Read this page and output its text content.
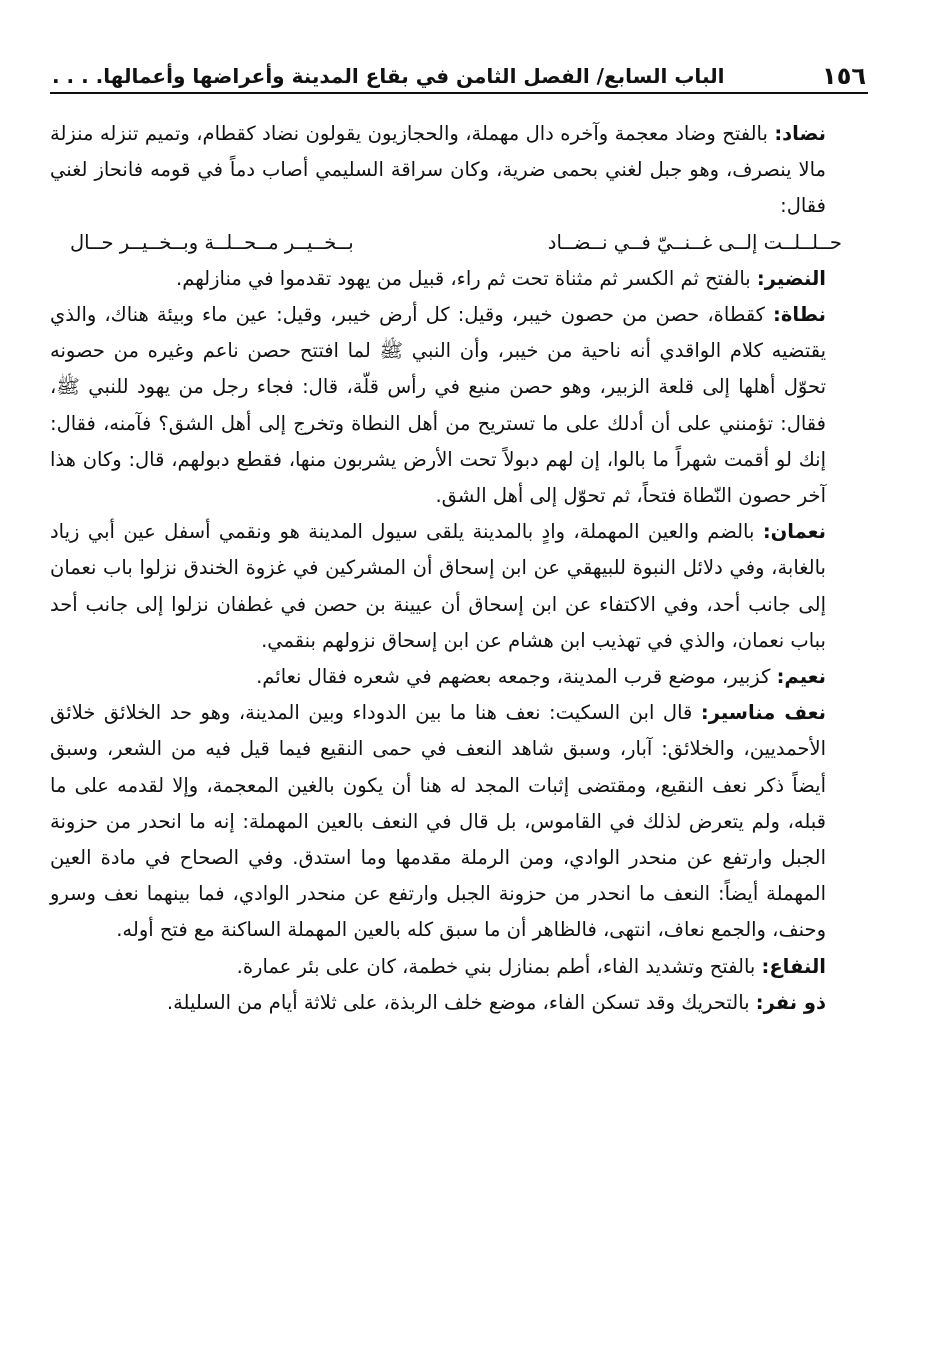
١٥٦
الباب السابع/ الفصل الثامن في بقاع المدينة وأعراضها وأعمالها. . . .

نضاد: بالفتح وضاد معجمة وآخره دال مهملة، والحجازيون يقولون نضاد كقطام، وتميم تنزله منزلة مالا ينصرف، وهو جبل لغني بحمى ضرية، وكان سراقة السليمي أصاب دماً في قومه فانحاز لغني فقال:

حــلــلــت إلــى غــنــيّ فــي نــضــاد
بــخــيــر مــحــلــة وبــخــيــر حــال

النضير: بالفتح ثم الكسر ثم مثناة تحت ثم راء، قبيل من يهود تقدموا في منازلهم.

نطاة: كقطاة، حصن من حصون خيبر، وقيل: كل أرض خيبر، وقيل: عين ماء وبيئة هناك، والذي يقتضيه كلام الواقدي أنه ناحية من خيبر، وأن النبي ﷺ لما افتتح حصن ناعم وغيره من حصونه تحوّل أهلها إلى قلعة الزبير، وهو حصن منيع في رأس قلّة، قال: فجاء رجل من يهود للنبي ﷺ، فقال: تؤمنني على أن أدلك على ما تستريح من أهل النطاة وتخرج إلى أهل الشق؟ فآمنه، فقال: إنك لو أقمت شهراً ما بالوا، إن لهم دبولاً تحت الأرض يشربون منها، فقطع دبولهم، قال: وكان هذا آخر حصون النّطاة فتحاً، ثم تحوّل إلى أهل الشق.

نعمان: بالضم والعين المهملة، وادٍ بالمدينة يلقى سيول المدينة هو ونقمي أسفل عين أبي زياد بالغابة، وفي دلائل النبوة للبيهقي عن ابن إسحاق أن المشركين في غزوة الخندق نزلوا باب نعمان إلى جانب أحد، وفي الاكتفاء عن ابن إسحاق أن عيينة بن حصن في غطفان نزلوا إلى جانب أحد بباب نعمان، والذي في تهذيب ابن هشام عن ابن إسحاق نزولهم بنقمي.

نعيم: كزبير، موضع قرب المدينة، وجمعه بعضهم في شعره فقال نعائم.

نعف مناسير: قال ابن السكيت: نعف هنا ما بين الدوداء وبين المدينة، وهو حد الخلائق خلائق الأحمديين، والخلائق: آبار، وسبق شاهد النعف في حمى النقيع فيما قيل فيه من الشعر، وسبق أيضاً ذكر نعف النقيع، ومقتضى إثبات المجد له هنا أن يكون بالغين المعجمة، وإلا لقدمه على ما قبله، ولم يتعرض لذلك في القاموس، بل قال في النعف بالعين المهملة: إنه ما انحدر من حزونة الجبل وارتفع عن منحدر الوادي، ومن الرملة مقدمها وما استدق. وفي الصحاح في مادة العين المهملة أيضاً: النعف ما انحدر من حزونة الجبل وارتفع عن منحدر الوادي، فما بينهما نعف وسرو وحنف، والجمع نعاف، انتهى، فالظاهر أن ما سبق كله بالعين المهملة الساكنة مع فتح أوله.

النفاع: بالفتح وتشديد الفاء، أطم بمنازل بني خطمة، كان على بئر عمارة.

ذو نفر: بالتحريك وقد تسكن الفاء، موضع خلف الربذة، على ثلاثة أيام من السليلة.
